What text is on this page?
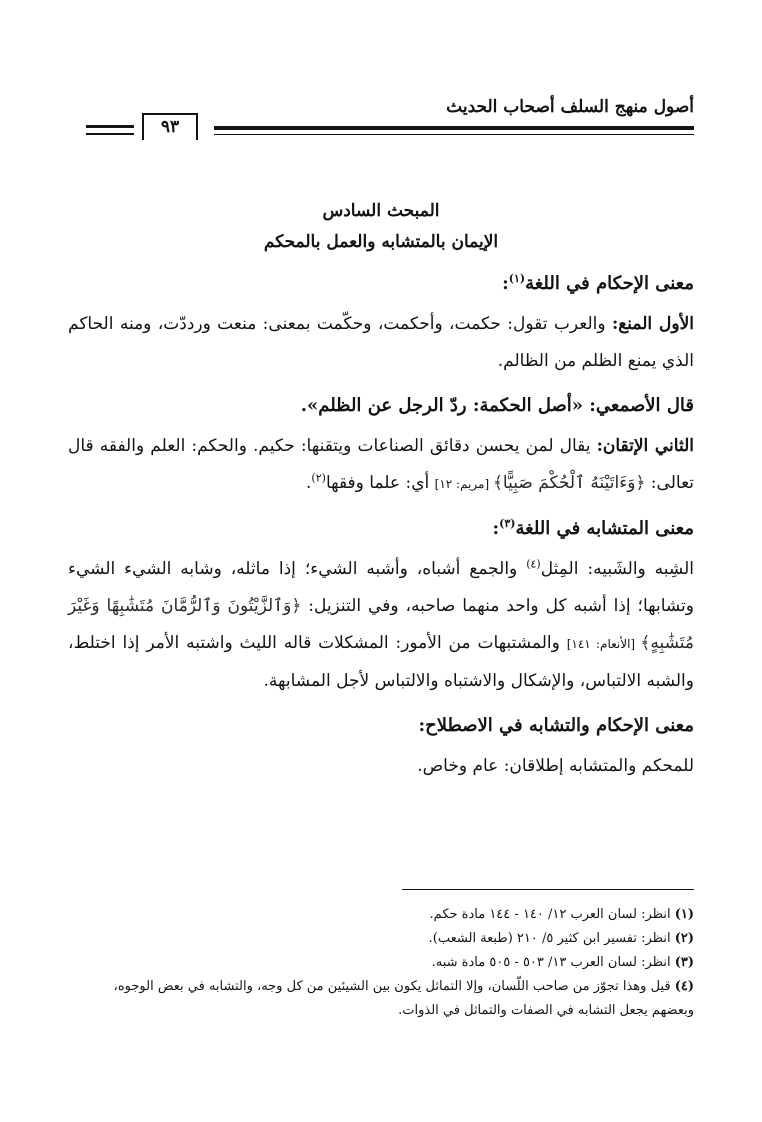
أصول منهج السلف أصحاب الحديث
٩٣

المبحث السادس

الإيمان بالمتشابه والعمل بالمحكم

معنى الإحكام في اللغة$^{(١)}$:

الأول المنع: والعرب تقول: حكمت، وأحكمت، وحكّمت بمعنى: منعت ورددّت، ومنه الحاكم الذي يمنع الظلم من الظالم.

قال الأصمعي: «أصل الحكمة: ردّ الرجل عن الظلم».

الثاني الإتقان: يقال لمن يحسن دقائق الصناعات ويتقنها: حكيم. والحكم: العلم والفقه قال تعالى: ﴿وَءَاتَيْنَهُ ٱلْحُكْمَ صَبِيًّا﴾ [مريم: ١٢] أي: علما وفقها$^{(٢)}$.

معنى المتشابه في اللغة$^{(٣)}$:

الشِبه والشَبيه: المِثل$^{(٤)}$ والجمع أشباه، وأشبه الشيء؛ إذا ماثله، وشابه الشيء الشيء وتشابها؛ إذا أشبه كل واحد منهما صاحبه، وفي التنزيل: ﴿وَٱلزَّيْتُونَ وَٱلرُّمَّانَ مُتَشَٰبِهًا وَغَيْرَ مُتَشَٰبِهٍ﴾ [الأنعام: ١٤١] والمشتبهات من الأمور: المشكلات قاله الليث واشتبه الأمر إذا اختلط، والشبه الالتباس، والإشكال والاشتباه والالتباس لأجل المشابهة.

معنى الإحكام والتشابه في الاصطلاح:

للمحكم والمتشابه إطلاقان: عام وخاص.

(١) انظر: لسان العرب ١٢/ ١٤٠ - ١٤٤ مادة حكم.

(٢) انظر: تفسير ابن كثير ٥/ ٢١٠ (طبعة الشعب).

(٣) انظر: لسان العرب ١٣/ ٥٠٣ - ٥٠٥ مادة شبه.

(٤) قيل وهذا تجوّز من صاحب اللّسان، وإلا التماثل يكون بين الشيئين من كل وجه، والتشابه في بعض الوجوه، وبعضهم يجعل التشابه في الصفات والتماثل في الذوات.
